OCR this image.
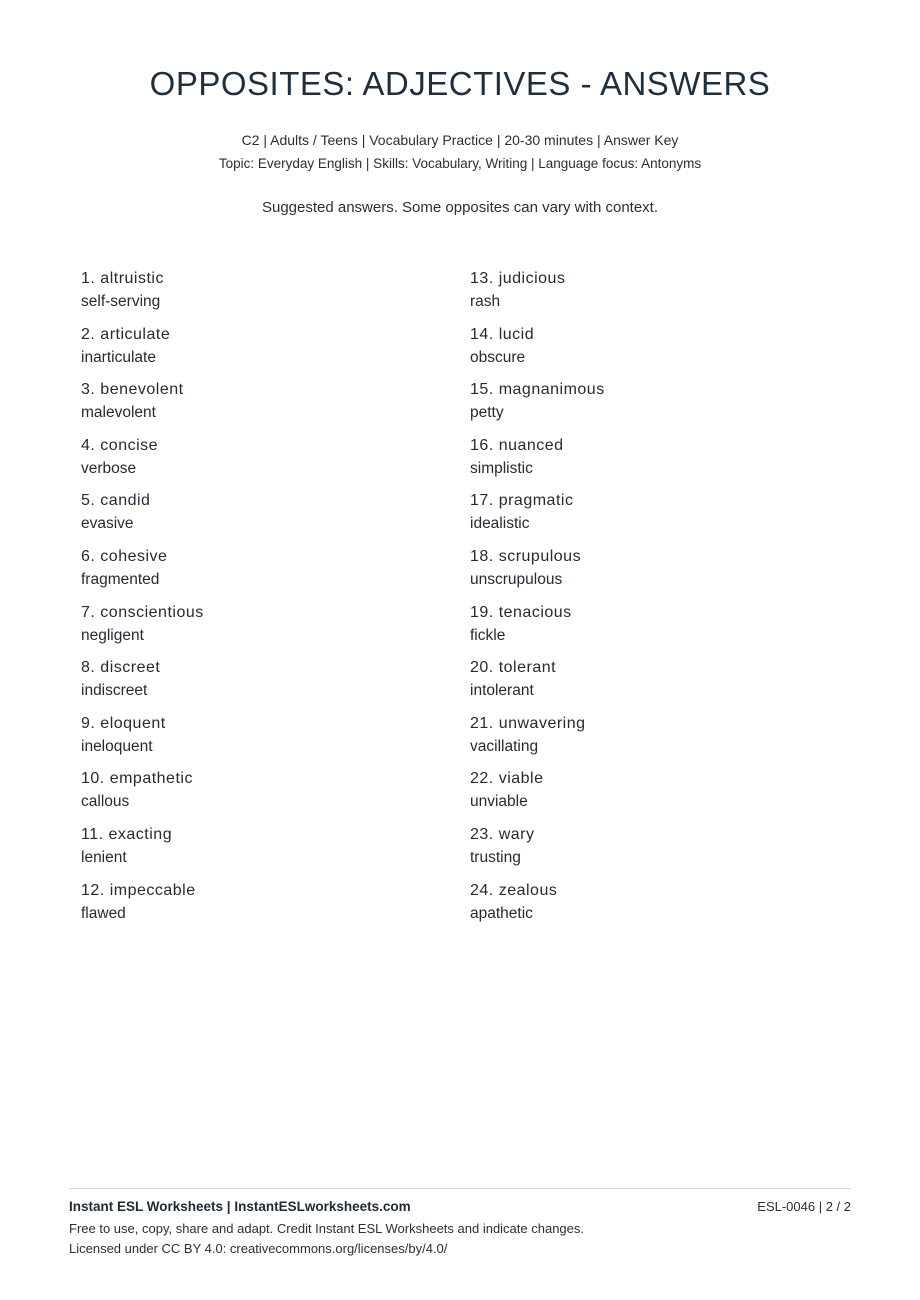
OPPOSITES: ADJECTIVES - ANSWERS
C2 | Adults / Teens | Vocabulary Practice | 20-30 minutes | Answer Key
Topic: Everyday English | Skills: Vocabulary, Writing | Language focus: Antonyms
Suggested answers. Some opposites can vary with context.
1. altruistic
self-serving
2. articulate
inarticulate
3. benevolent
malevolent
4. concise
verbose
5. candid
evasive
6. cohesive
fragmented
7. conscientious
negligent
8. discreet
indiscreet
9. eloquent
ineloquent
10. empathetic
callous
11. exacting
lenient
12. impeccable
flawed
13. judicious
rash
14. lucid
obscure
15. magnanimous
petty
16. nuanced
simplistic
17. pragmatic
idealistic
18. scrupulous
unscrupulous
19. tenacious
fickle
20. tolerant
intolerant
21. unwavering
vacillating
22. viable
unviable
23. wary
trusting
24. zealous
apathetic
Instant ESL Worksheets | InstantESLworksheets.com	ESL-0046 | 2 / 2
Free to use, copy, share and adapt. Credit Instant ESL Worksheets and indicate changes.
Licensed under CC BY 4.0: creativecommons.org/licenses/by/4.0/
